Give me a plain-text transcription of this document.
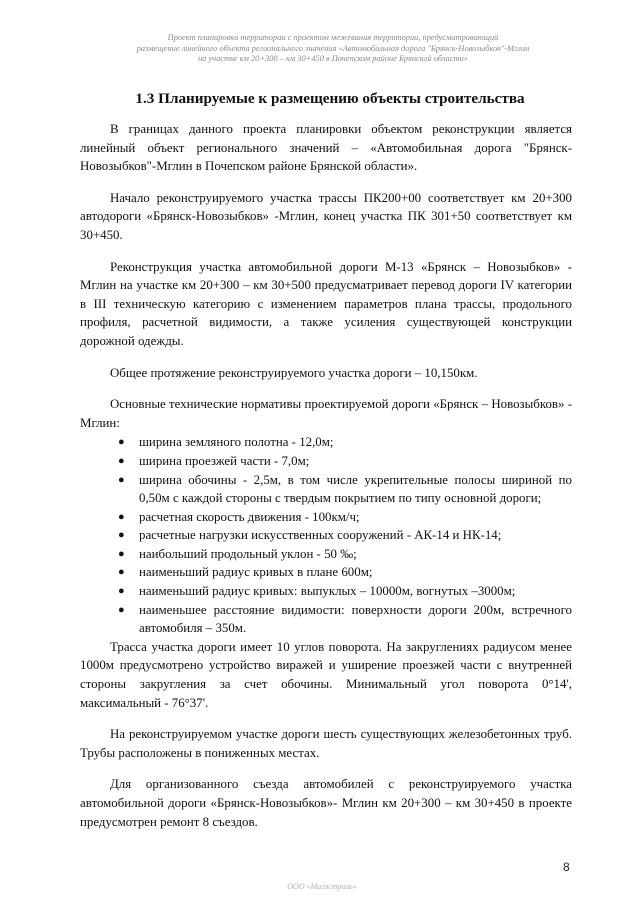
Проект планировки территории с проектом межевания территории, предусматривающий
размещение линейного объекта регионального значения «Автомобильная дорога "Брянск-Новозыбков"-Мглин
на участке км 20+300 – км 30+450 в Почепском районе Брянской области»
1.3 Планируемые к размещению объекты строительства

В границах данного проекта планировки объектом реконструкции является линейный объект регионального значений – «Автомобильная дорога "Брянск-Новозыбков"-Мглин в Почепском районе Брянской области».

Начало реконструируемого участка трассы ПК200+00 соответствует км 20+300 автодороги «Брянск-Новозыбков» -Мглин, конец участка ПК 301+50 соответствует км 30+450.

Реконструкция участка автомобильной дороги М-13 «Брянск – Новозыбков» - Мглин на участке км 20+300 – км 30+500 предусматривает перевод дороги IV категории в III техническую категорию с изменением параметров плана трассы, продольного профиля, расчетной видимости, а также усиления существующей конструкции дорожной одежды.

Общее протяжение реконструируемого участка дороги – 10,150км.

Основные технические нормативы проектируемой дороги «Брянск – Новозыбков» - Мглин:

● ширина земляного полотна - 12,0м;
● ширина проезжей части - 7,0м;
● ширина обочины - 2,5м, в том числе укрепительные полосы шириной по 0,50м с каждой стороны с твердым покрытием по типу основной дороги;
● расчетная скорость движения - 100км/ч;
● расчетные нагрузки искусственных сооружений - АК-14 и НК-14;
● наибольший продольный уклон - 50 ‰;
● наименьший радиус кривых в плане 600м;
● наименьший радиус кривых: выпуклых – 10000м, вогнутых –3000м;
● наименьшее расстояние видимости: поверхности дороги 200м, встречного автомобиля – 350м.

Трасса участка дороги имеет 10 углов поворота. На закруглениях радиусом менее 1000м предусмотрено устройство виражей и уширение проезжей части с внутренней стороны закругления за счет обочины. Минимальный угол поворота 0°14', максимальный - 76°37'.

На реконструируемом участке дороги шесть существующих железобетонных труб. Трубы расположены в пониженных местах.

Для организованного съезда автомобилей с реконструируемого участка автомобильной дороги «Брянск-Новозыбков»- Мглин км 20+300 – км 30+450 в проекте предусмотрен ремонт 8 съездов.

8
ООО «Магистраль»
